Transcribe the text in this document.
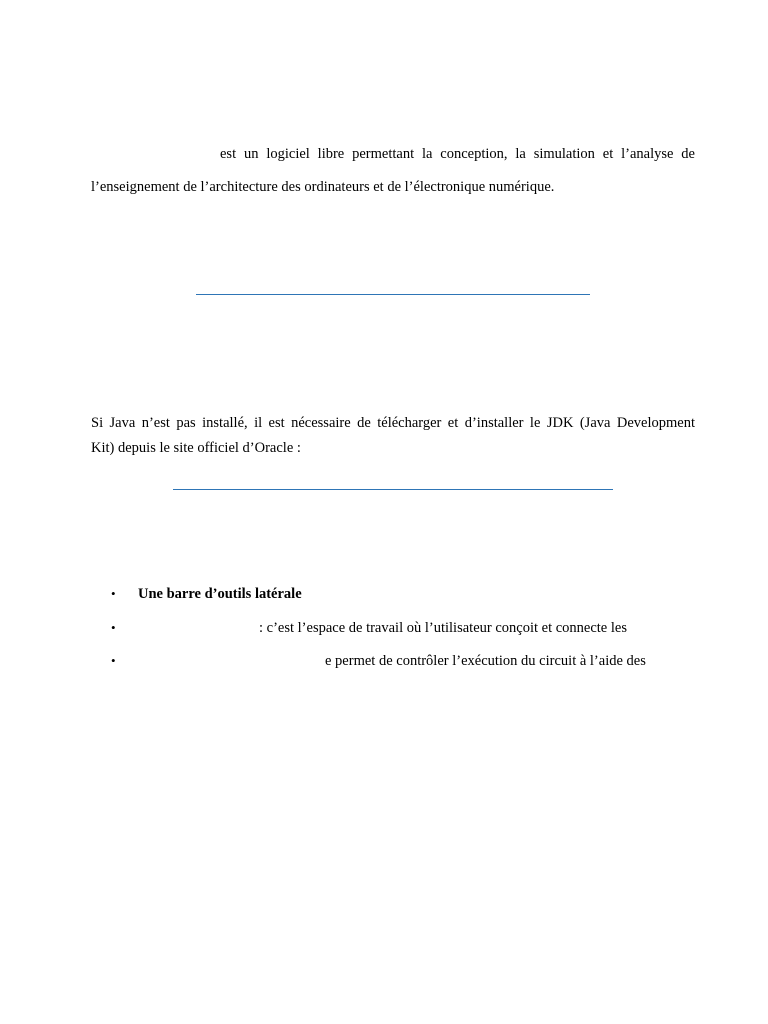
est un logiciel libre permettant la conception, la simulation et l’analyse de
l’enseignement de l’architecture des ordinateurs et de l’électronique numérique.
Si Java n’est pas installé, il est nécessaire de télécharger et d’installer le JDK (Java Development
Kit) depuis le site officiel d’Oracle :
•	Une barre d’outils latérale
•	: c’est l’espace de travail où l’utilisateur conçoit et connecte les
•	e permet de contrôler l’exécution du circuit à l’aide des
